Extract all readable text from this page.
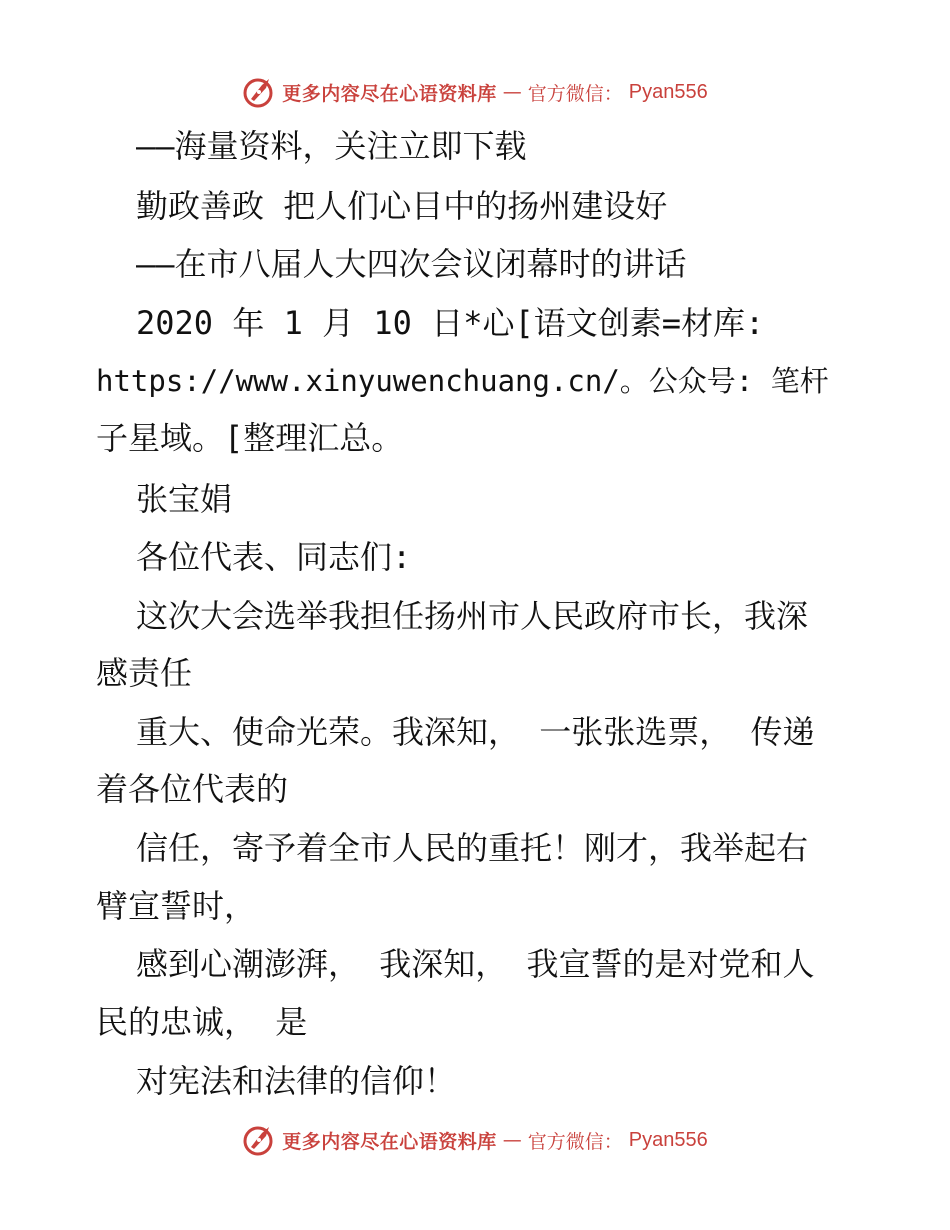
更多内容尽在心语资料库 — 官方微信： Pyan556
——海量资料，关注立即下载
勤政善政 把人们心目中的扬州建设好
——在市八届人大四次会议闭幕时的讲话
2020 年 1 月 10 日*心[语文创素=材库:
https://www.xinyuwenchuang.cn/。公众号: 笔杆
子星域。[整理汇总。
张宝娟
各位代表、同志们:
这次大会选举我担任扬州市人民政府市长，我深
感责任
重大、使命光荣。我深知， 一张张选票， 传递
着各位代表的
信任，寄予着全市人民的重托！刚才，我举起右
臂宣誓时，
感到心潮澎湃， 我深知， 我宣誓的是对党和人
民的忠诚， 是
对宪法和法律的信仰！
更多内容尽在心语资料库 — 官方微信： Pyan556
